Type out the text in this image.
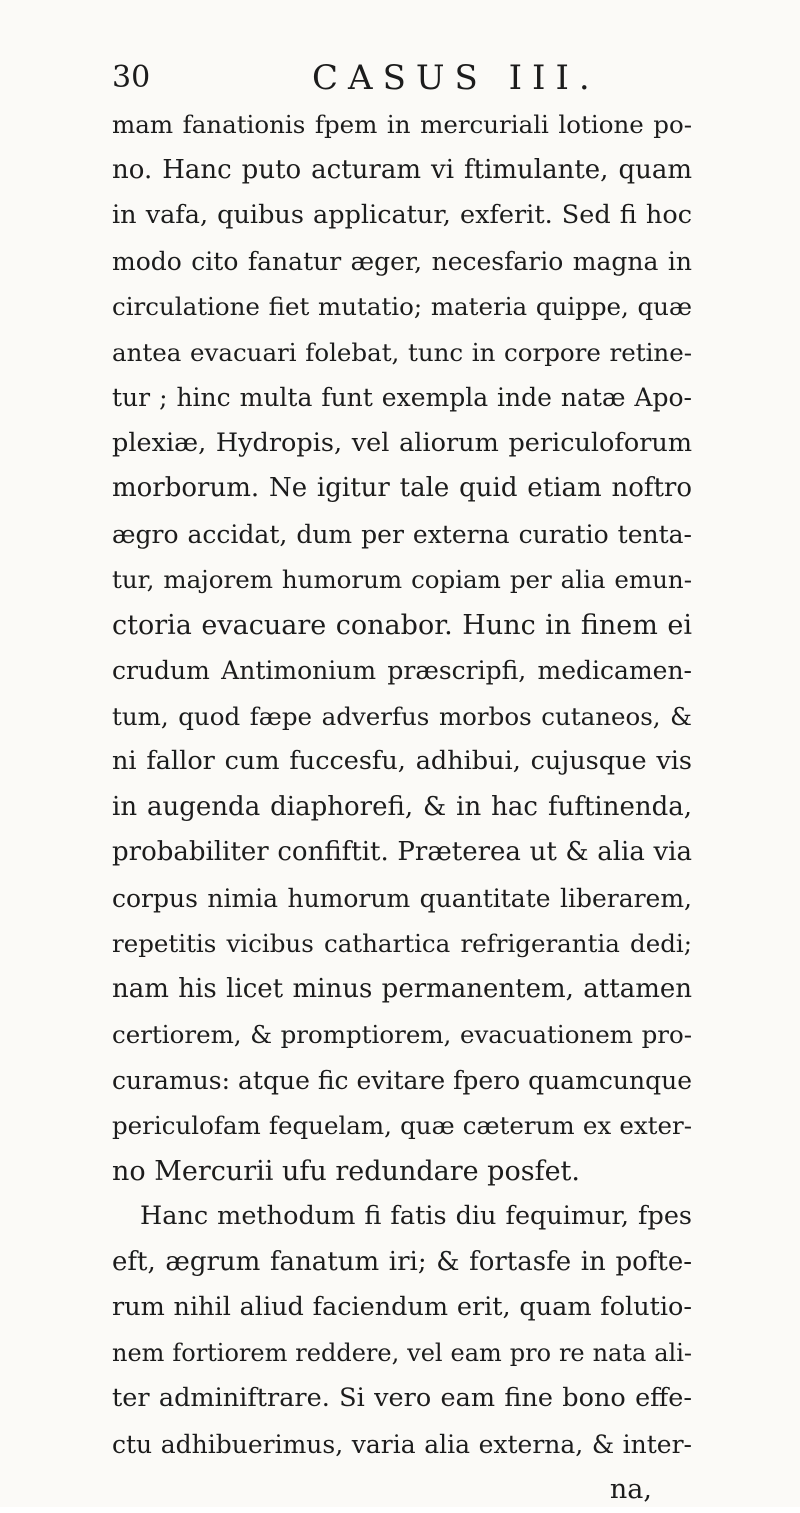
30	CASUS III.
mam fanationis fpem in mercuriali lotione po-
no. Hanc puto acturam vi ftimulante, quam
in vafa, quibus applicatur, exferit. Sed fi hoc
modo cito fanatur æger, necesfario magna in
circulatione fiet mutatio; materia quippe, quæ
antea evacuari folebat, tunc in corpore retine-
tur ; hinc multa funt exempla inde natæ Apo-
plexiæ, Hydropis, vel aliorum periculoforum
morborum. Ne igitur tale quid etiam noftro
ægro accidat, dum per externa curatio tenta-
tur, majorem humorum copiam per alia emun-
ctoria evacuare conabor. Hunc in finem ei
crudum Antimonium præscripfi, medicamen-
tum, quod fæpe adverfus morbos cutaneos, &
ni fallor cum fuccesfu, adhibui, cujusque vis
in augenda diaphorefi, & in hac fuftinenda,
probabiliter confiftit. Præterea ut & alia via
corpus nimia humorum quantitate liberarem,
repetitis vicibus cathartica refrigerantia dedi;
nam his licet minus permanentem, attamen
certiorem, & promptiorem, evacuationem pro-
curamus: atque fic evitare fpero quamcunque
periculofam fequelam, quæ cæterum ex exter-
no Mercurii ufu redundare posfet.
Hanc methodum fi fatis diu fequimur, fpes
eft, ægrum fanatum iri; & fortasfe in pofte-
rum nihil aliud faciendum erit, quam folutio-
nem fortiorem reddere, vel eam pro re nata ali-
ter adminiftrare. Si vero eam fine bono effe-
ctu adhibuerimus, varia alia externa, & inter-
na,
